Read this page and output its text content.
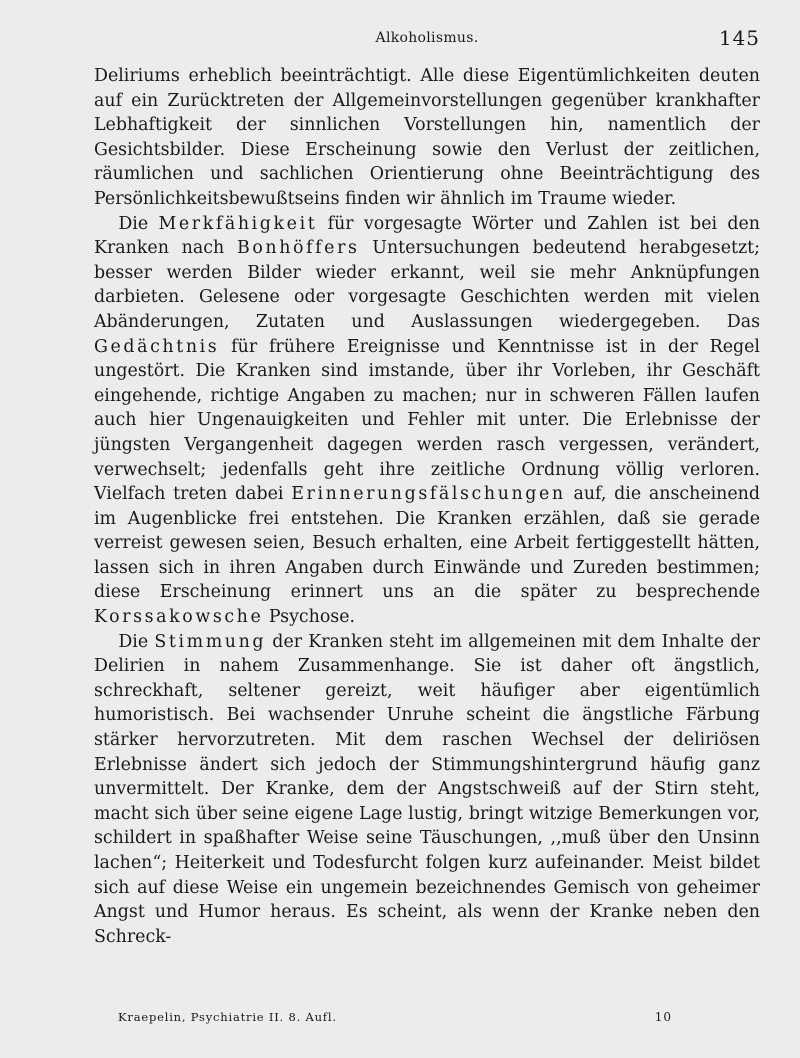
Alkoholismus.	145

Deliriums erheblich beeinträchtigt. Alle diese Eigentümlichkeiten deuten auf ein Zurücktreten der Allgemeinvorstellungen gegenüber krankhafter Lebhaftigkeit der sinnlichen Vorstellungen hin, namentlich der Gesichtsbilder. Diese Erscheinung sowie den Verlust der zeitlichen, räumlichen und sachlichen Orientierung ohne Beeinträchtigung des Persönlichkeitsbewußtseins finden wir ähnlich im Traume wieder.

Die Merkfähigkeit für vorgesagte Wörter und Zahlen ist bei den Kranken nach Bonhöffers Untersuchungen bedeutend herabgesetzt; besser werden Bilder wieder erkannt, weil sie mehr Anknüpfungen darbieten. Gelesene oder vorgesagte Geschichten werden mit vielen Abänderungen, Zutaten und Auslassungen wiedergegeben. Das Gedächtnis für frühere Ereignisse und Kenntnisse ist in der Regel ungestört. Die Kranken sind imstande, über ihr Vorleben, ihr Geschäft eingehende, richtige Angaben zu machen; nur in schweren Fällen laufen auch hier Ungenauigkeiten und Fehler mit unter. Die Erlebnisse der jüngsten Vergangenheit dagegen werden rasch vergessen, verändert, verwechselt; jedenfalls geht ihre zeitliche Ordnung völlig verloren. Vielfach treten dabei Erinnerungsfälschungen auf, die anscheinend im Augenblicke frei entstehen. Die Kranken erzählen, daß sie gerade verreist gewesen seien, Besuch erhalten, eine Arbeit fertiggestellt hätten, lassen sich in ihren Angaben durch Einwände und Zureden bestimmen; diese Erscheinung erinnert uns an die später zu besprechende Korssakowsche Psychose.

Die Stimmung der Kranken steht im allgemeinen mit dem Inhalte der Delirien in nahem Zusammenhange. Sie ist daher oft ängstlich, schreckhaft, seltener gereizt, weit häufiger aber eigentümlich humoristisch. Bei wachsender Unruhe scheint die ängstliche Färbung stärker hervorzutreten. Mit dem raschen Wechsel der deliriösen Erlebnisse ändert sich jedoch der Stimmungshintergrund häufig ganz unvermittelt. Der Kranke, dem der Angstschweiß auf der Stirn steht, macht sich über seine eigene Lage lustig, bringt witzige Bemerkungen vor, schildert in spaßhafter Weise seine Täuschungen, ,,muß über den Unsinn lachen“; Heiterkeit und Todesfurcht folgen kurz aufeinander. Meist bildet sich auf diese Weise ein ungemein bezeichnendes Gemisch von geheimer Angst und Humor heraus. Es scheint, als wenn der Kranke neben den Schreck-

Kraepelin, Psychiatrie II. 8. Aufl.	10
